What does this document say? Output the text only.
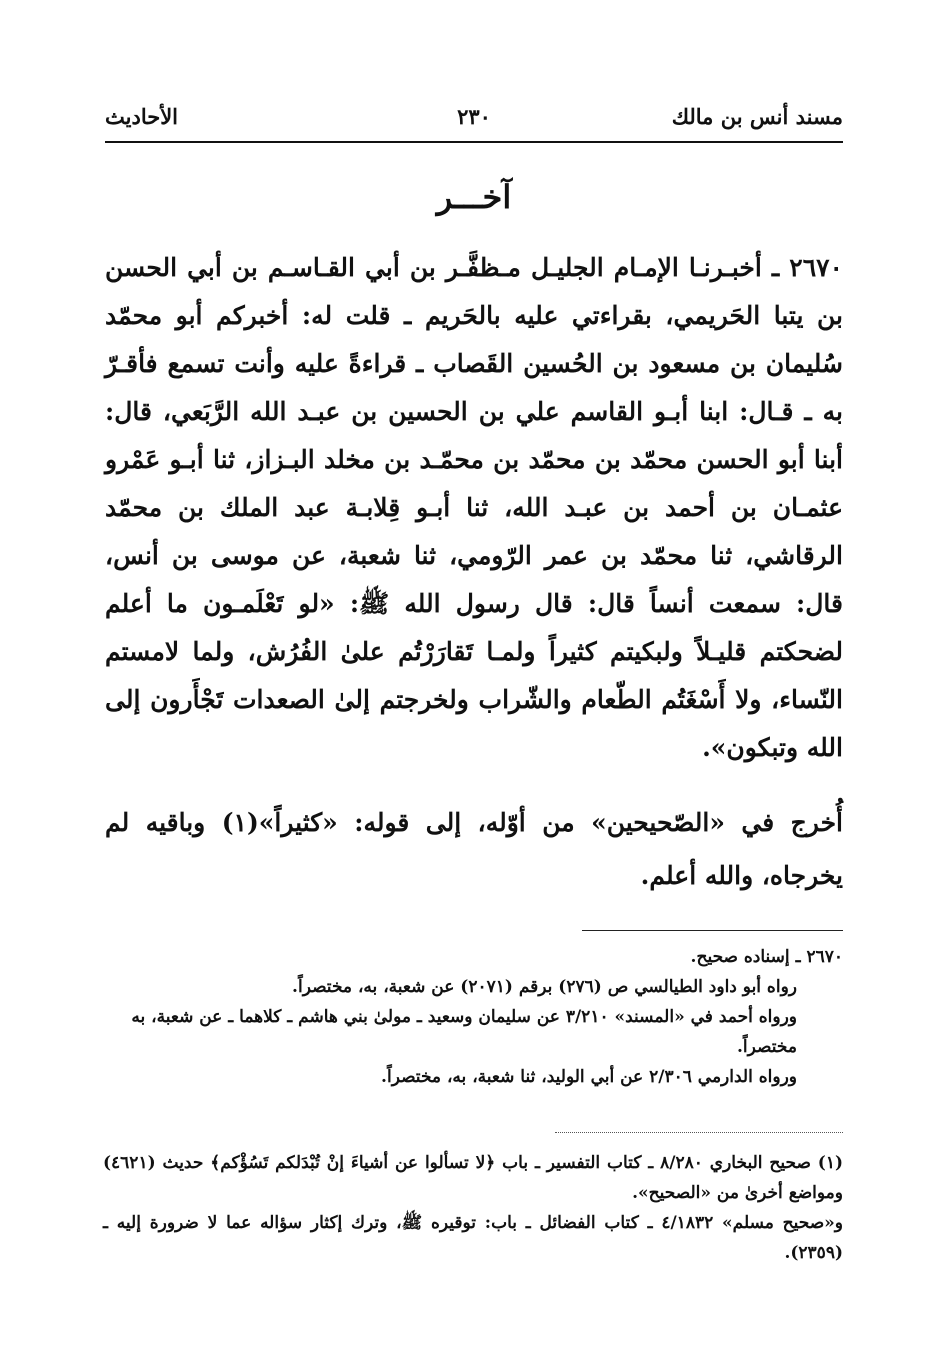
مسند أنس بن مالك
٢٣٠
الأحاديث
آخـــر
٢٦٧٠ ـ أخبـرنـا الإمـام الجليـل مـظفَّـر بن أبي القـاسـم بن أبي الحسن بن يتبا الحَريمي، بقراءتي عليه بالحَريم ـ قلت له: أخبركم أبو محمّد سُليمان بن مسعود بن الحُسين القَصاب ـ قراءةً عليه وأنت تسمع فأقـرّ به ـ قـال: ابنا أبـو القاسم علي بن الحسين بن عبـد الله الرَّبَعي، قال: أبنا أبو الحسن محمّد بن محمّد بن محمّـد بن مخلد البـزاز، ثنا أبـو عَمْرو عثمـان بن أحمد بن عبـد الله، ثنا أبـو قِلابـة عبد الملك بن محمّد الرقاشي، ثنا محمّد بن عمر الرّومي، ثنا شعبة، عن موسى بن أنس، قال: سمعت أنساً قال: قال رسول الله ﷺ: «لو تَعْلَمـون ما أعلم لضحكتم قليـلاً ولبكيتم كثيراً ولمـا تَقارَرْتُم علىٰ الفُرُش، ولما لامستم النّساء، ولا أَسْغَتُم الطّعام والشّراب ولخرجتم إلىٰ الصعدات تَجْأَرون إلى الله وتبكون».
أُخرج في «الصّحيحين» من أوّله، إلى قوله: «كثيراً»(١) وباقيه لم يخرجاه، والله أعلم.
٢٦٧٠ ـ إسناده صحيح.
رواه أبو داود الطيالسي ص (٢٧٦) برقم (٢٠٧١) عن شعبة، به، مختصراً.
ورواه أحمد في «المسند» ٣/٢١٠ عن سليمان وسعيد ـ مولىٰ بني هاشم ـ كلاهما ـ عن شعبة، به مختصراً.
ورواه الدارمي ٢/٣٠٦ عن أبي الوليد، ثنا شعبة، به، مختصراً.

(١) صحيح البخاري ٨/٢٨٠ ـ كتاب التفسير ـ باب ﴿لا تسألوا عن أشياءَ إنْ تُبْدَلكم تَسُؤْكم﴾ حديث (٤٦٢١) ومواضع أخرىٰ من «الصحيح».

و«صحيح مسلم» ٤/١٨٣٢ ـ كتاب الفضائل ـ باب: توقيره ﷺ، وترك إكثار سؤاله عما لا ضرورة إليه ـ (٢٣٥٩).
